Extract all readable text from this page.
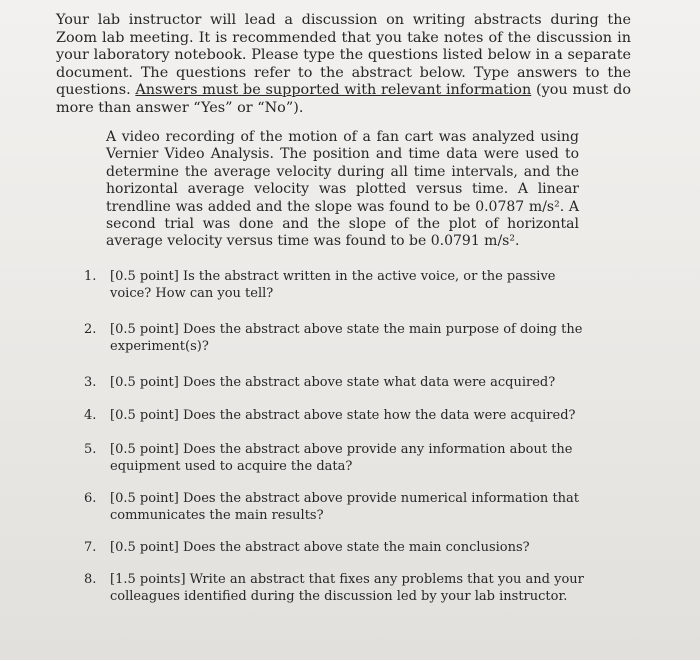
Your lab instructor will lead a discussion on writing abstracts during the Zoom lab meeting. It is recommended that you take notes of the discussion in your laboratory notebook. Please type the questions listed below in a separate document. The questions refer to the abstract below. Type answers to the questions. Answers must be supported with relevant information (you must do more than answer “Yes” or “No”).

A video recording of the motion of a fan cart was analyzed using Vernier Video Analysis. The position and time data were used to determine the average velocity during all time intervals, and the horizontal average velocity was plotted versus time. A linear trendline was added and the slope was found to be 0.0787 m/s². A second trial was done and the slope of the plot of horizontal average velocity versus time was found to be 0.0791 m/s².

1.	[0.5 point] Is the abstract written in the active voice, or the passive voice? How can you tell?
2.	[0.5 point] Does the abstract above state the main purpose of doing the experiment(s)?
3.	[0.5 point] Does the abstract above state what data were acquired?
4.	[0.5 point] Does the abstract above state how the data were acquired?
5.	[0.5 point] Does the abstract above provide any information about the equipment used to acquire the data?
6.	[0.5 point] Does the abstract above provide numerical information that communicates the main results?
7.	[0.5 point] Does the abstract above state the main conclusions?
8.	[1.5 points] Write an abstract that fixes any problems that you and your colleagues identified during the discussion led by your lab instructor.
